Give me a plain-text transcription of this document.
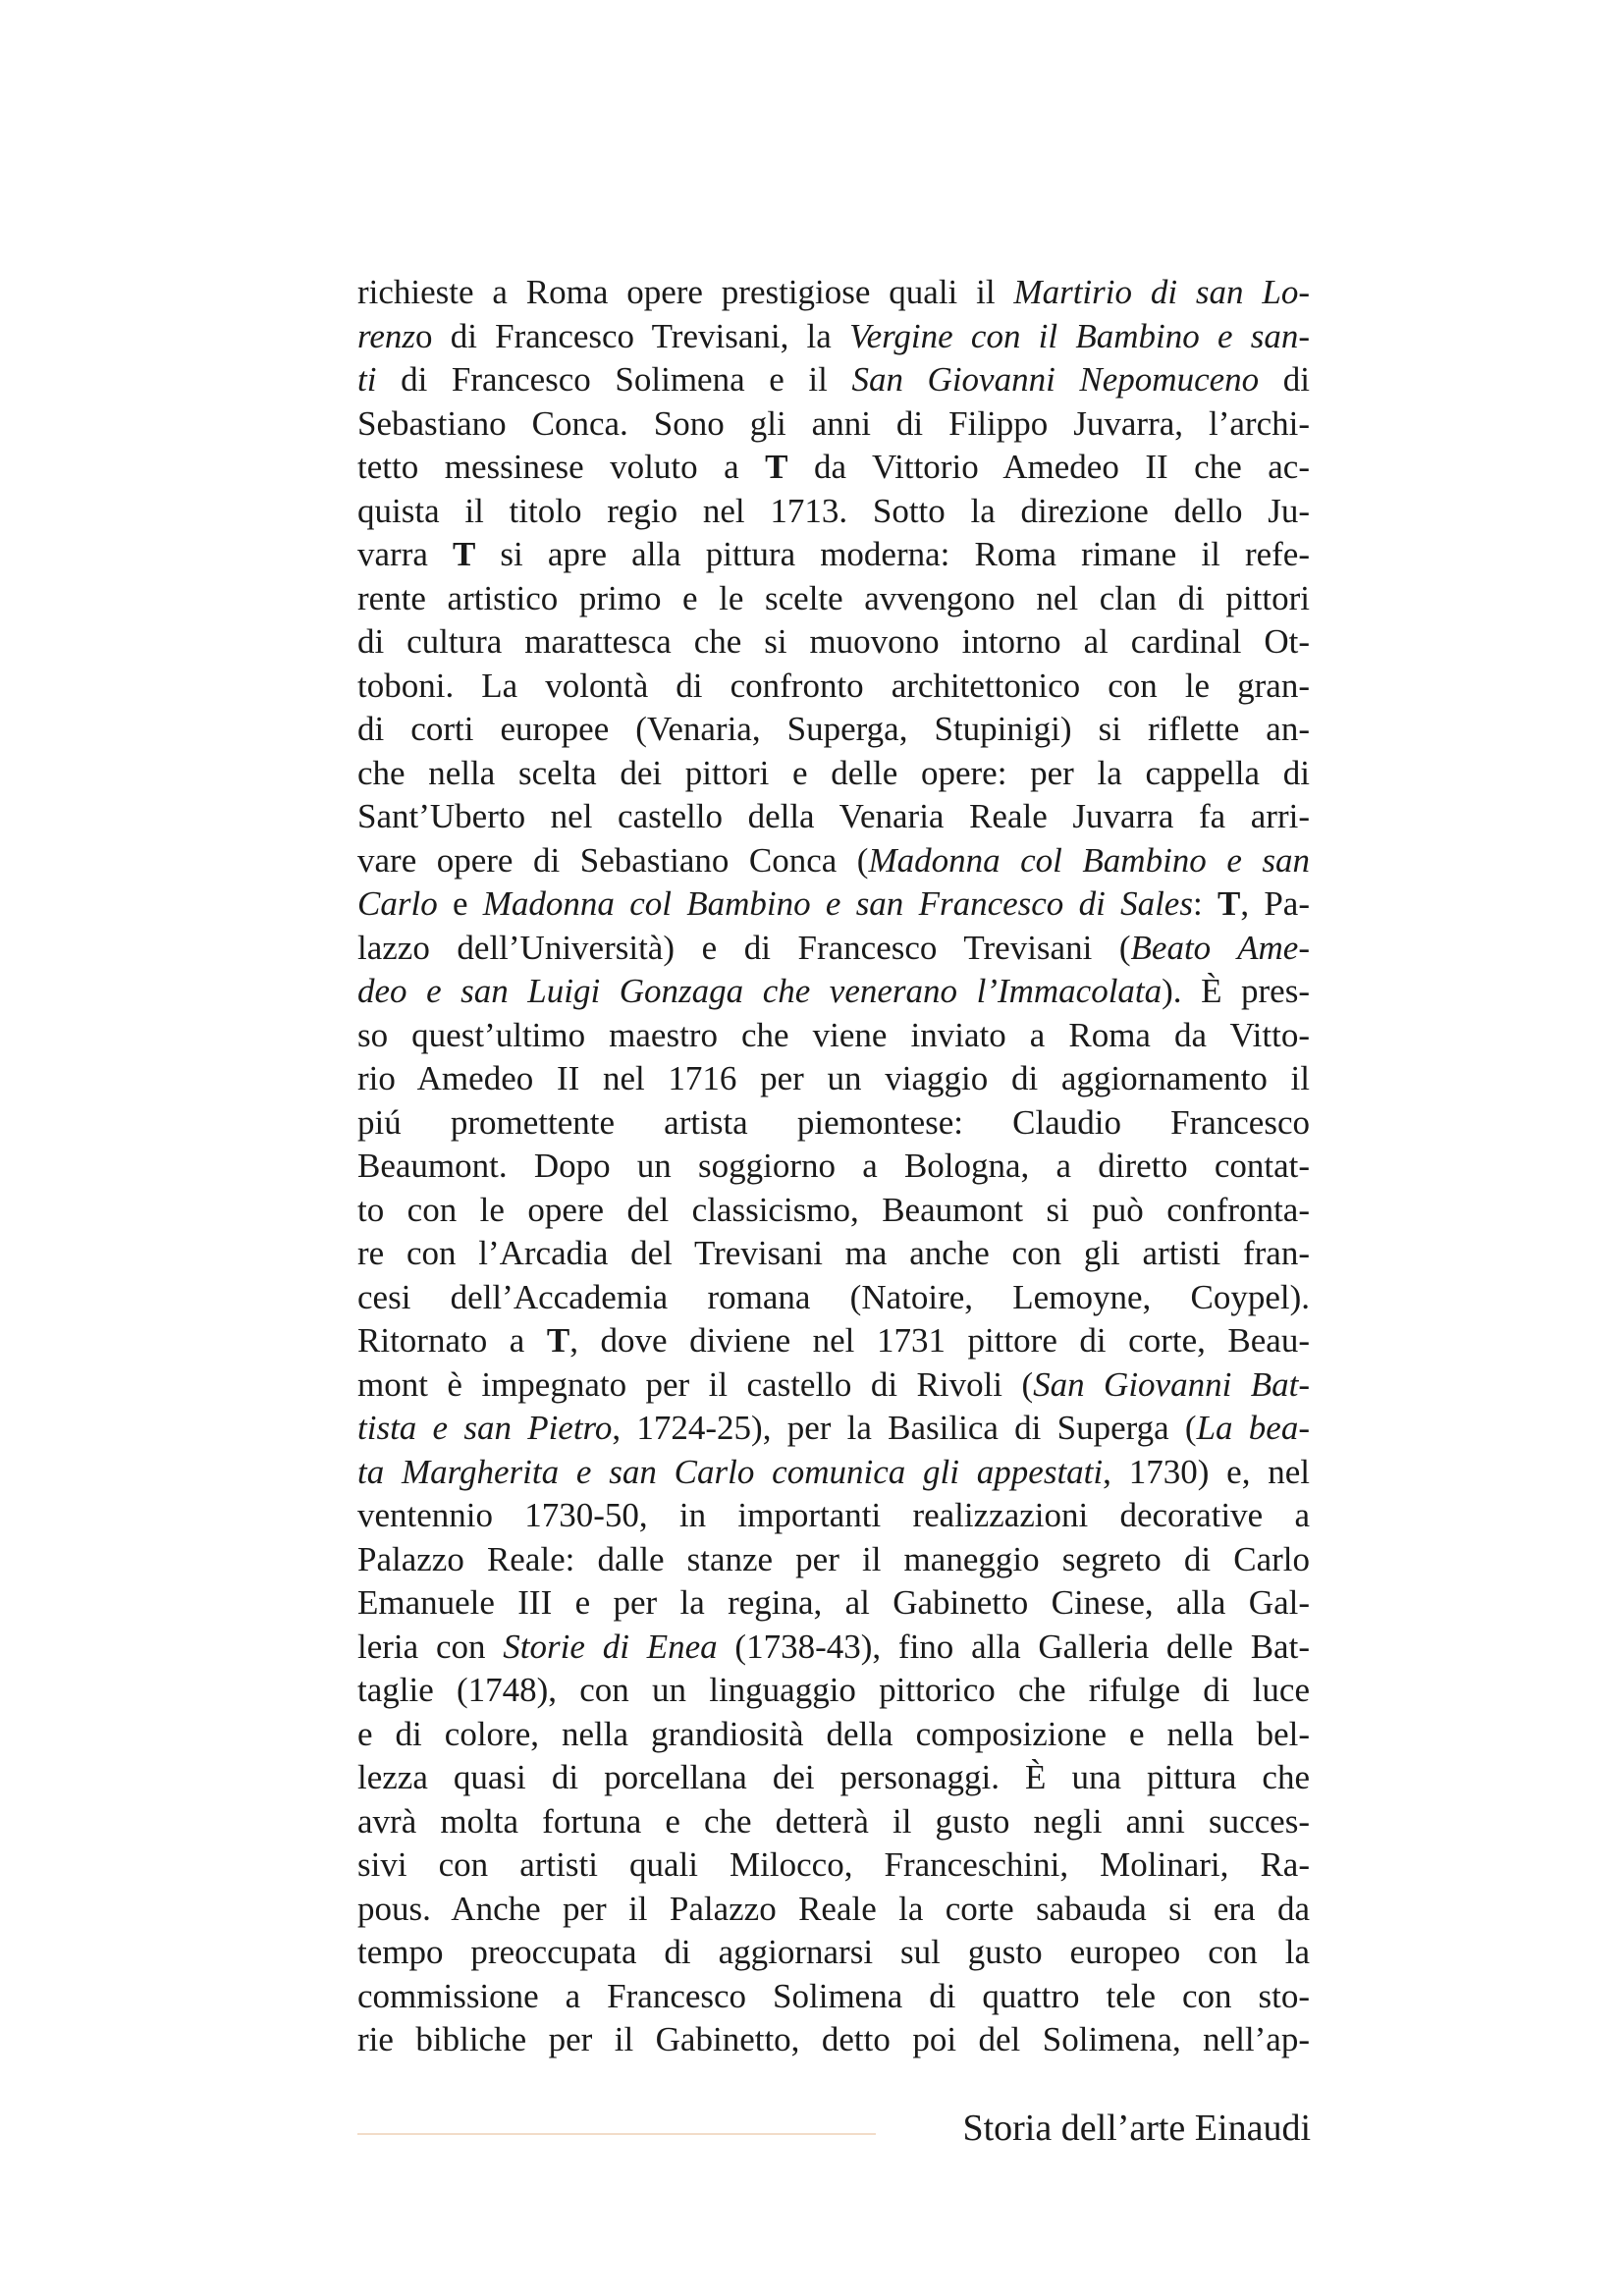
richieste a Roma opere prestigiose quali il Martirio di san Lo-
renzo di Francesco Trevisani, la Vergine con il Bambino e san-
ti di Francesco Solimena e il San Giovanni Nepomuceno di
Sebastiano Conca. Sono gli anni di Filippo Juvarra, l’archi-
tetto messinese voluto a T da Vittorio Amedeo II che ac-
quista il titolo regio nel 1713. Sotto la direzione dello Ju-
varra T si apre alla pittura moderna: Roma rimane il refe-
rente artistico primo e le scelte avvengono nel clan di pittori
di cultura marattesca che si muovono intorno al cardinal Ot-
toboni. La volontà di confronto architettonico con le gran-
di corti europee (Venaria, Superga, Stupinigi) si riflette an-
che nella scelta dei pittori e delle opere: per la cappella di
Sant’Uberto nel castello della Venaria Reale Juvarra fa arri-
vare opere di Sebastiano Conca (Madonna col Bambino e san
Carlo e Madonna col Bambino e san Francesco di Sales: T, Pa-
lazzo dell’Università) e di Francesco Trevisani (Beato Ame-
deo e san Luigi Gonzaga che venerano l’Immacolata). È pres-
so quest’ultimo maestro che viene inviato a Roma da Vitto-
rio Amedeo II nel 1716 per un viaggio di aggiornamento il
piú promettente artista piemontese: Claudio Francesco
Beaumont. Dopo un soggiorno a Bologna, a diretto contat-
to con le opere del classicismo, Beaumont si può confronta-
re con l’Arcadia del Trevisani ma anche con gli artisti fran-
cesi dell’Accademia romana (Natoire, Lemoyne, Coypel).
Ritornato a T, dove diviene nel 1731 pittore di corte, Beau-
mont è impegnato per il castello di Rivoli (San Giovanni Bat-
tista e san Pietro, 1724-25), per la Basilica di Superga (La bea-
ta Margherita e san Carlo comunica gli appestati, 1730) e, nel
ventennio 1730-50, in importanti realizzazioni decorative a
Palazzo Reale: dalle stanze per il maneggio segreto di Carlo
Emanuele III e per la regina, al Gabinetto Cinese, alla Gal-
leria con Storie di Enea (1738-43), fino alla Galleria delle Bat-
taglie (1748), con un linguaggio pittorico che rifulge di luce
e di colore, nella grandiosità della composizione e nella bel-
lezza quasi di porcellana dei personaggi. È una pittura che
avrà molta fortuna e che detterà il gusto negli anni succes-
sivi con artisti quali Milocco, Franceschini, Molinari, Ra-
pous. Anche per il Palazzo Reale la corte sabauda si era da
tempo preoccupata di aggiornarsi sul gusto europeo con la
commissione a Francesco Solimena di quattro tele con sto-
rie bibliche per il Gabinetto, detto poi del Solimena, nell’ap-
Storia dell’arte Einaudi
